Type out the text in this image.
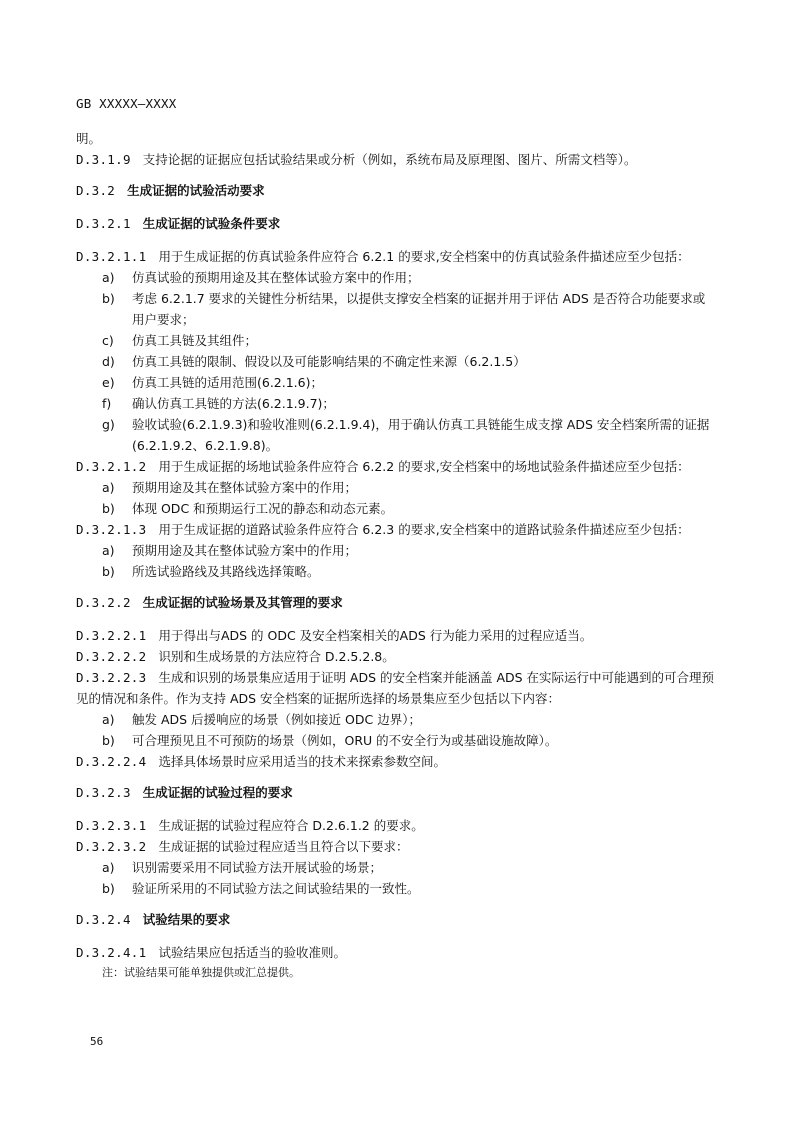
GB XXXXX—XXXX
明。
D.3.1.9 支持论据的证据应包括试验结果或分析（例如，系统布局及原理图、图片、所需文档等）。
D.3.2 生成证据的试验活动要求
D.3.2.1 生成证据的试验条件要求
D.3.2.1.1 用于生成证据的仿真试验条件应符合 6.2.1 的要求,安全档案中的仿真试验条件描述应至少包括：
a)	仿真试验的预期用途及其在整体试验方案中的作用；
b)	考虑 6.2.1.7 要求的关键性分析结果，以提供支撑安全档案的证据并用于评估 ADS 是否符合功能要求或用户要求；
c)	仿真工具链及其组件；
d)	仿真工具链的限制、假设以及可能影响结果的不确定性来源（6.2.1.5）
e)	仿真工具链的适用范围(6.2.1.6)；
f)	确认仿真工具链的方法(6.2.1.9.7)；
g)	验收试验(6.2.1.9.3)和验收准则(6.2.1.9.4)，用于确认仿真工具链能生成支撑 ADS 安全档案所需的证据(6.2.1.9.2、6.2.1.9.8)。
D.3.2.1.2 用于生成证据的场地试验条件应符合 6.2.2 的要求,安全档案中的场地试验条件描述应至少包括：
a)	预期用途及其在整体试验方案中的作用；
b)	体现 ODC 和预期运行工况的静态和动态元素。
D.3.2.1.3 用于生成证据的道路试验条件应符合 6.2.3 的要求,安全档案中的道路试验条件描述应至少包括：
a)	预期用途及其在整体试验方案中的作用；
b)	所选试验路线及其路线选择策略。
D.3.2.2 生成证据的试验场景及其管理的要求
D.3.2.2.1 用于得出与ADS 的 ODC 及安全档案相关的ADS 行为能力采用的过程应适当。
D.3.2.2.2 识别和生成场景的方法应符合 D.2.5.2.8。
D.3.2.2.3 生成和识别的场景集应适用于证明 ADS 的安全档案并能涵盖 ADS 在实际运行中可能遇到的可合理预见的情况和条件。作为支持 ADS 安全档案的证据所选择的场景集应至少包括以下内容：
a)	触发 ADS 后援响应的场景（例如接近 ODC 边界）；
b)	可合理预见且不可预防的场景（例如，ORU 的不安全行为或基础设施故障）。
D.3.2.2.4 选择具体场景时应采用适当的技术来探索参数空间。
D.3.2.3 生成证据的试验过程的要求
D.3.2.3.1 生成证据的试验过程应符合 D.2.6.1.2 的要求。
D.3.2.3.2 生成证据的试验过程应适当且符合以下要求：
a)	识别需要采用不同试验方法开展试验的场景；
b)	验证所采用的不同试验方法之间试验结果的一致性。
D.3.2.4 试验结果的要求
D.3.2.4.1 试验结果应包括适当的验收准则。
注：试验结果可能单独提供或汇总提供。
56
